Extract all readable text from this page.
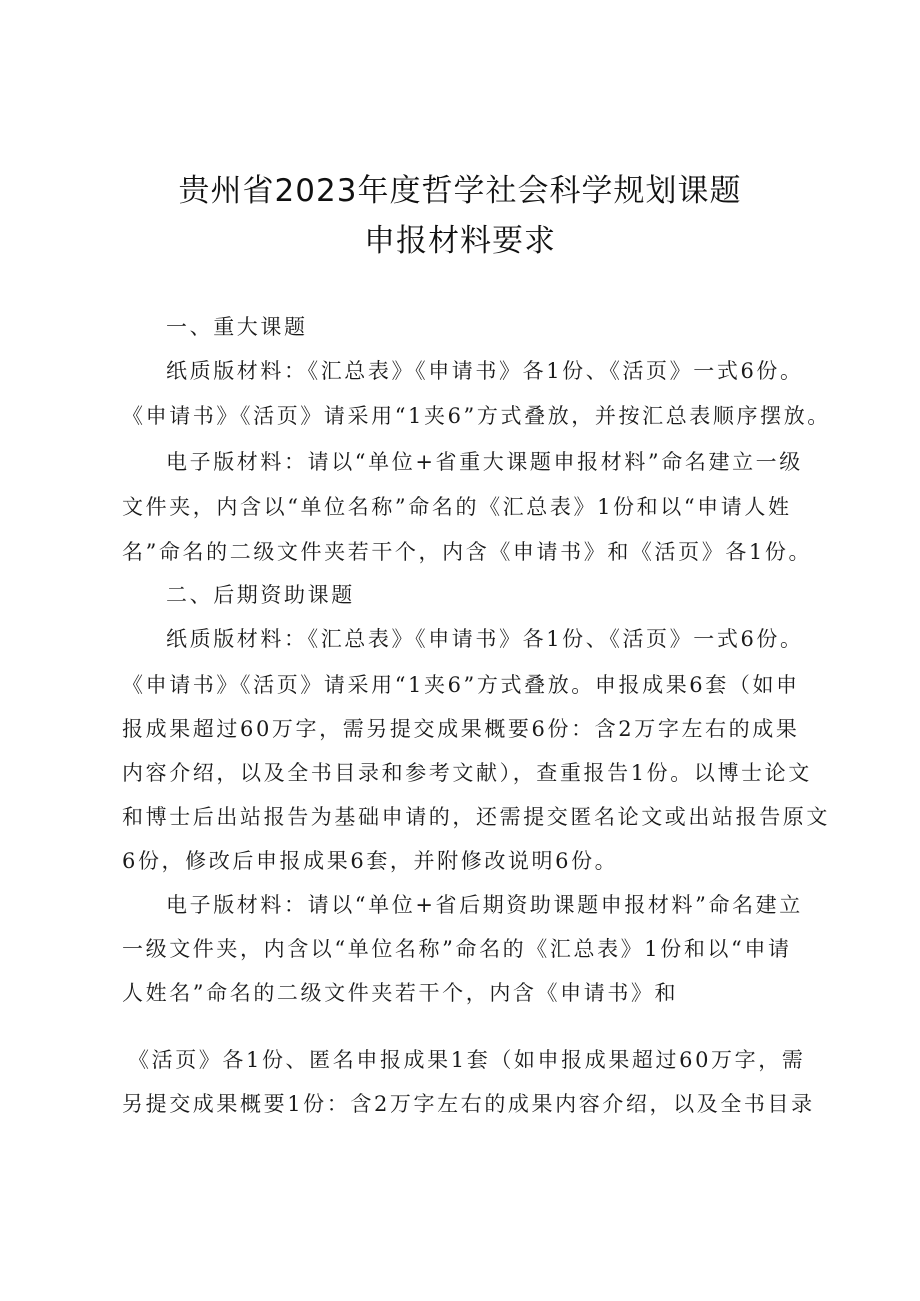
贵州省2023年度哲学社会科学规划课题
申报材料要求
一、重大课题
纸质版材料：《汇总表》《申请书》各1份、《活页》一式6份。
《申请书》《活页》请采用“1夹6”方式叠放，并按汇总表顺序摆放。
电子版材料：请以“单位+省重大课题申报材料”命名建立一级
文件夹，内含以“单位名称”命名的《汇总表》1份和以“申请人姓
名”命名的二级文件夹若干个，内含《申请书》和《活页》各1份。
二、后期资助课题
纸质版材料：《汇总表》《申请书》各1份、《活页》一式6份。
《申请书》《活页》请采用“1夹6”方式叠放。申报成果6套（如申
报成果超过60万字，需另提交成果概要6份：含2万字左右的成果
内容介绍，以及全书目录和参考文献），查重报告1份。以博士论文
和博士后出站报告为基础申请的，还需提交匿名论文或出站报告原文
6份，修改后申报成果6套，并附修改说明6份。
电子版材料：请以“单位+省后期资助课题申报材料”命名建立
一级文件夹，内含以“单位名称”命名的《汇总表》1份和以“申请
人姓名”命名的二级文件夹若干个，内含《申请书》和
《活页》各1份、匿名申报成果1套（如申报成果超过60万字，需
另提交成果概要1份：含2万字左右的成果内容介绍，以及全书目录
